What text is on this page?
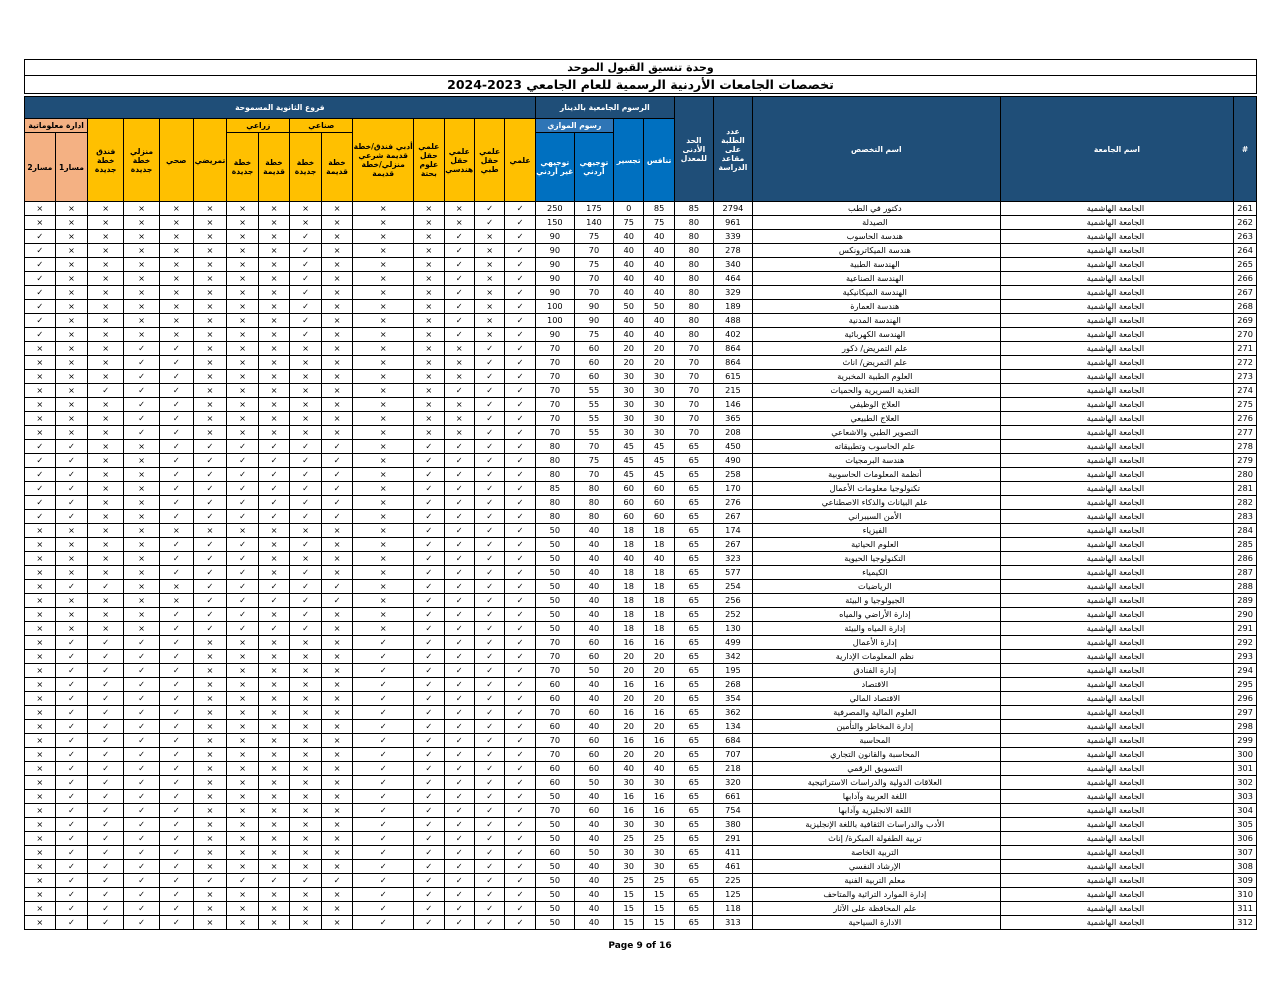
وحدة تنسيق القبول الموحد
تخصصات الجامعات الأردنية الرسمية للعام الجامعي 2023-2024
#	اسم الجامعة	اسم التخصص	عدد الطلبة على مقاعد الدراسة	الحد الأدنى للمعدل	الرسوم الجامعية بالدينار				فروع الثانوية المسموحة														
					تنافس	تجسير	رسوم الموازي		علمي	علمي حقل طبي	علمي حقل هندسي	علمي حقل علوم بحتة	أدبي فندق/خطة قديمة شرعي منزلي/خطة قديمة	صناعي		زراعي		تمريضي	صحي	منزلي خطة جديدة	فندق خطة جديدة	ادارة معلوماتية	
							توجيهي أردني	توجيهي غير أردني						خطة قديمة	خطة جديدة	خطة قديمة	خطة جديدة					مسار1	مسار2
261	الجامعة الهاشمية	دكتور في الطب	2794	85	85	0	175	250	✓	✓	×	×	×	×	×	×	×	×	×	×	×	×	×
262	الجامعة الهاشمية	الصيدلة	961	80	75	75	140	150	✓	✓	×	×	×	×	×	×	×	×	×	×	×	×	×
263	الجامعة الهاشمية	هندسة الحاسوب	339	80	40	40	75	90	✓	×	✓	×	×	×	✓	×	×	×	×	×	×	×	✓
264	الجامعة الهاشمية	هندسة الميكاترونكس	278	80	40	40	70	90	✓	×	✓	×	×	×	✓	×	×	×	×	×	×	×	✓
265	الجامعة الهاشمية	الهندسة الطبية	340	80	40	40	75	90	✓	×	✓	×	×	×	✓	×	×	×	×	×	×	×	✓
266	الجامعة الهاشمية	الهندسة الصناعية	464	80	40	40	70	90	✓	×	✓	×	×	×	✓	×	×	×	×	×	×	×	✓
267	الجامعة الهاشمية	الهندسة الميكانيكية	329	80	40	40	70	90	✓	×	✓	×	×	×	✓	×	×	×	×	×	×	×	✓
268	الجامعة الهاشمية	هندسة العمارة	189	80	50	50	90	100	✓	×	✓	×	×	×	✓	×	×	×	×	×	×	×	✓
269	الجامعة الهاشمية	الهندسة المدنية	488	80	40	40	90	100	✓	×	✓	×	×	×	✓	×	×	×	×	×	×	×	✓
270	الجامعة الهاشمية	الهندسة الكهربائية	402	80	40	40	75	90	✓	×	✓	×	×	×	✓	×	×	×	×	×	×	×	✓
271	الجامعة الهاشمية	علم التمريض/ ذكور	864	70	20	20	60	70	✓	✓	×	×	×	×	×	×	×	×	✓	✓	×	×	×
272	الجامعة الهاشمية	علم التمريض/ اناث	864	70	20	20	60	70	✓	✓	×	×	×	×	×	×	×	×	✓	✓	×	×	×
273	الجامعة الهاشمية	العلوم الطبية المخبرية	615	70	30	30	60	70	✓	✓	×	×	×	×	×	×	×	×	✓	✓	×	×	×
274	الجامعة الهاشمية	التغذية السريرية والحميات	215	70	30	30	55	70	✓	✓	✓	×	×	×	×	×	×	×	✓	✓	✓	×	×
275	الجامعة الهاشمية	العلاج الوظيفي	146	70	30	30	55	70	✓	✓	×	×	×	×	×	×	×	×	✓	✓	×	×	×
276	الجامعة الهاشمية	العلاج الطبيعي	365	70	30	30	55	70	✓	✓	×	×	×	×	×	×	×	×	✓	✓	×	×	×
277	الجامعة الهاشمية	التصوير الطبي والاشعاعي	208	70	30	30	55	70	✓	✓	×	×	×	×	×	×	×	×	✓	✓	×	×	×
278	الجامعة الهاشمية	علم الحاسوب وتطبيقاته	450	65	45	45	70	80	✓	✓	✓	✓	×	✓	✓	✓	✓	✓	✓	×	×	✓	✓
279	الجامعة الهاشمية	هندسة البرمجيات	490	65	45	45	75	80	✓	✓	✓	✓	×	✓	✓	✓	✓	✓	✓	×	×	✓	✓
280	الجامعة الهاشمية	أنظمة المعلومات الحاسوبية	258	65	45	45	70	80	✓	✓	✓	✓	×	✓	✓	✓	✓	✓	✓	×	×	✓	✓
281	الجامعة الهاشمية	تكنولوجيا معلومات الأعمال	170	65	60	60	80	85	✓	✓	✓	✓	×	✓	✓	✓	✓	✓	✓	×	×	✓	✓
282	الجامعة الهاشمية	علم البيانات والذكاء الاصطناعي	276	65	60	60	80	80	✓	✓	✓	✓	×	✓	✓	✓	✓	✓	✓	×	×	✓	✓
283	الجامعة الهاشمية	الأمن السيبراني	267	65	60	60	80	80	✓	✓	✓	✓	×	✓	✓	✓	✓	✓	✓	×	×	✓	✓
284	الجامعة الهاشمية	الفيزياء	174	65	18	18	40	50	✓	✓	✓	✓	×	×	×	×	×	×	×	×	×	×	×
285	الجامعة الهاشمية	العلوم الحياتية	267	65	18	18	40	50	✓	✓	✓	✓	×	×	✓	×	✓	✓	✓	×	×	×	×
286	الجامعة الهاشمية	التكنولوجيا الحيوية	323	65	40	40	40	50	✓	✓	✓	✓	×	×	×	×	✓	✓	✓	×	×	×	×
287	الجامعة الهاشمية	الكيمياء	577	65	18	18	40	50	✓	✓	✓	✓	×	×	✓	×	✓	✓	✓	×	×	×	×
288	الجامعة الهاشمية	الرياضيات	254	65	18	18	40	50	✓	✓	✓	✓	×	✓	✓	✓	✓	✓	×	×	✓	✓	×
289	الجامعة الهاشمية	الجيولوجيا و البيئة	256	65	18	18	40	50	✓	✓	✓	✓	×	✓	✓	✓	✓	✓	×	×	×	×	×
290	الجامعة الهاشمية	إدارة الأراضي والمياه	252	65	18	18	40	50	✓	✓	✓	✓	×	×	✓	×	✓	✓	✓	×	×	×	×
291	الجامعة الهاشمية	إدارة المياه والبيئة	130	65	18	18	40	50	✓	✓	✓	✓	×	×	✓	✓	✓	✓	✓	×	×	×	×
292	الجامعة الهاشمية	إدارة الأعمال	499	65	16	16	60	70	✓	✓	✓	✓	✓	×	×	×	×	×	✓	✓	✓	✓	×
293	الجامعة الهاشمية	نظم المعلومات الإدارية	342	65	20	20	60	70	✓	✓	✓	✓	✓	×	×	×	×	×	✓	✓	✓	✓	×
294	الجامعة الهاشمية	إدارة الفنادق	195	65	20	20	50	70	✓	✓	✓	✓	✓	×	×	×	×	×	✓	✓	✓	✓	×
295	الجامعة الهاشمية	الاقتصاد	268	65	16	16	40	60	✓	✓	✓	✓	✓	×	×	×	×	×	✓	✓	✓	✓	×
296	الجامعة الهاشمية	الاقتصاد المالي	354	65	20	20	40	60	✓	✓	✓	✓	✓	×	×	×	×	×	✓	✓	✓	✓	×
297	الجامعة الهاشمية	العلوم المالية والمصرفية	362	65	16	16	60	70	✓	✓	✓	✓	✓	×	×	×	×	×	✓	✓	✓	✓	×
298	الجامعة الهاشمية	إدارة المخاطر والتأمين	134	65	20	20	40	60	✓	✓	✓	✓	✓	×	×	×	×	×	✓	✓	✓	✓	×
299	الجامعة الهاشمية	المحاسبة	684	65	16	16	60	70	✓	✓	✓	✓	✓	×	×	×	×	×	✓	✓	✓	✓	×
300	الجامعة الهاشمية	المحاسبة والقانون التجاري	707	65	20	20	60	70	✓	✓	✓	✓	✓	×	×	×	×	×	✓	✓	✓	✓	×
301	الجامعة الهاشمية	التسويق الرقمي	218	65	40	40	60	60	✓	✓	✓	✓	✓	×	×	×	×	×	✓	✓	✓	✓	×
302	الجامعة الهاشمية	العلاقات الدولية والدراسات الاستراتيجية	320	65	30	30	50	60	✓	✓	✓	✓	✓	×	×	×	×	×	✓	✓	✓	✓	×
303	الجامعة الهاشمية	اللغة العربية وآدابها	661	65	16	16	40	50	✓	✓	✓	✓	✓	×	×	×	×	×	✓	✓	✓	✓	×
304	الجامعة الهاشمية	اللغة الانجليزية وآدابها	754	65	16	16	60	70	✓	✓	✓	✓	✓	×	×	×	×	×	✓	✓	✓	✓	×
305	الجامعة الهاشمية	الأدب والدراسات الثقافية باللغة الإنجليزية	380	65	30	30	40	50	✓	✓	✓	✓	✓	×	×	×	×	×	✓	✓	✓	✓	×
306	الجامعة الهاشمية	تربية الطفولة المبكرة/ إناث	291	65	25	25	40	50	✓	✓	✓	✓	✓	×	×	×	×	×	✓	✓	✓	✓	×
307	الجامعة الهاشمية	التربية الخاصة	411	65	30	30	50	60	✓	✓	✓	✓	✓	×	×	×	×	×	✓	✓	✓	✓	×
308	الجامعة الهاشمية	الإرشاد النفسي	461	65	30	30	40	50	✓	✓	✓	✓	✓	×	×	×	×	×	✓	✓	✓	✓	×
309	الجامعة الهاشمية	معلم التربية الفنية	225	65	25	25	40	50	✓	✓	✓	✓	✓	✓	✓	✓	✓	✓	✓	✓	✓	✓	×
310	الجامعة الهاشمية	إدارة الموارد التراثية والمتاحف	125	65	15	15	40	50	✓	✓	✓	✓	✓	×	×	×	×	×	✓	✓	✓	✓	×
311	الجامعة الهاشمية	علم المحافظة على الآثار	118	65	15	15	40	50	✓	✓	✓	✓	✓	×	×	×	×	×	✓	✓	✓	✓	×
312	الجامعة الهاشمية	الادارة السياحية	313	65	15	15	40	50	✓	✓	✓	✓	✓	×	×	×	×	×	✓	✓	✓	✓	×
Page 9 of 16
